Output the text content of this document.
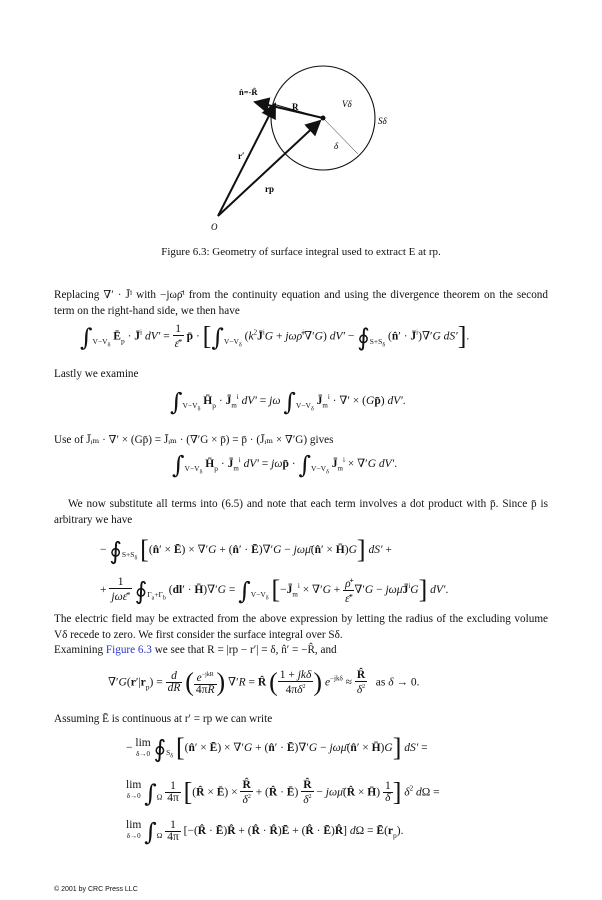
n̂=-R̂
R	Vδ
Sδ
r′
δ
rp
O
Figure 6.3: Geometry of surface integral used to extract E at rp.
Replacing ∇′ · J̄ⁱ with −jωρ̄ⁱ from the continuity equation and using the divergence theorem on the second term on the right-hand side, we then have
$\int_{V-V_\delta}$ $Ē_p$ · J̄$^i$ $dV' = \frac{1}{\varepsilon̄^c}$ p̄ · [$\int_{V-V_\delta}$ ($k^2J̄^iG$ + jωρ̄$^i$∇′G) $dV' - ∮_{S+S_\delta}$ (n̂′ · J̄$^i$)∇′G dS′].
Lastly we examine
$\int_{V-V_\delta}$ $H̄_p$ · $J̄_m^i$ dV′ = jω $\int_{V-V_\delta}$ $J̄_m^i$ · ∇′ × (Gp̄) dV′.
Use of J̄ᵢₘ · ∇′ × (Gp̄) = J̄ᵢₘ · (∇′G × p̄) = p̄ · (J̄ᵢₘ × ∇′G) gives
$\int_{V-V_\delta}$ $H̄_p$ · $J̄_m^i$ dV′ = jωp̄ · $\int_{V-V_\delta}$ $J̄_m^i \times \nabla'G$ dV′.
We now substitute all terms into (6.5) and note that each term involves a dot product with p̄. Since p̄ is arbitrary we have
− $∮_{S+S_\delta}$ [(n̂′ × Ē) × ∇′G + (n̂′ · Ē)∇′G − jωμ̄(n̂′ × H̄)G] dS′ +
+ $\frac{1}{j\omega\varepsilon̄^c}$ $∮_{\Gamma_a+\Gamma_b}$ (dl′ · H̄)∇′G = $\int_{V-V_\delta}$ [$-J̄_m^i \times \nabla'G + \frac{\rhō^i}{\varepsilon̄^c} \nabla'G$ − jωμ̄J̄$^i$G] dV′.
The electric field may be extracted from the above expression by letting the radius of the excluding volume Vδ recede to zero. We first consider the surface integral over Sδ.
Examining Figure 6.3 we see that R = |rp − r′| = δ, n̂′ = −R̂, and
$\nabla'G(r'|r_p) = \frac{d}{dR}$ ( $\frac{e^{-jkR}}{4\pi R}$ ) ∇′R = R̂ ( $\frac{\text{1 + jkδ}}{4\pi\delta^2}$ ) $e^{-jk\delta} \approx \frac{R̂}{\delta^2}$ as δ → 0.
Assuming Ē is continuous at r′ = rp we can write
− lim
δ→0 $∮_{S_\delta}$ [(n̂′ × Ē) × ∇′G + (n̂′ · Ē)∇′G − jωμ̄(n̂′ × H̄)G] dS′ =
lim
δ→0 $\int_\Omega \frac{1}{4\pi}$ [(R̂ × Ē) × $\frac{R̂}{\delta^2}$ + (R̂ · Ē) $\frac{R̂}{\delta^2}$ − jωμ̄(R̂ × H̄) $\frac{1}{\delta}$ ] $\delta^2$ dΩ =
lim
δ→0 $\int_\Omega \frac{1}{4\pi}$ [−(R̂ · Ē)R̂ + (R̂ · R̂)Ē + (R̂ · Ē)R̂] $d\Omega = Ē(r_p)$.
© 2001 by CRC Press LLC
